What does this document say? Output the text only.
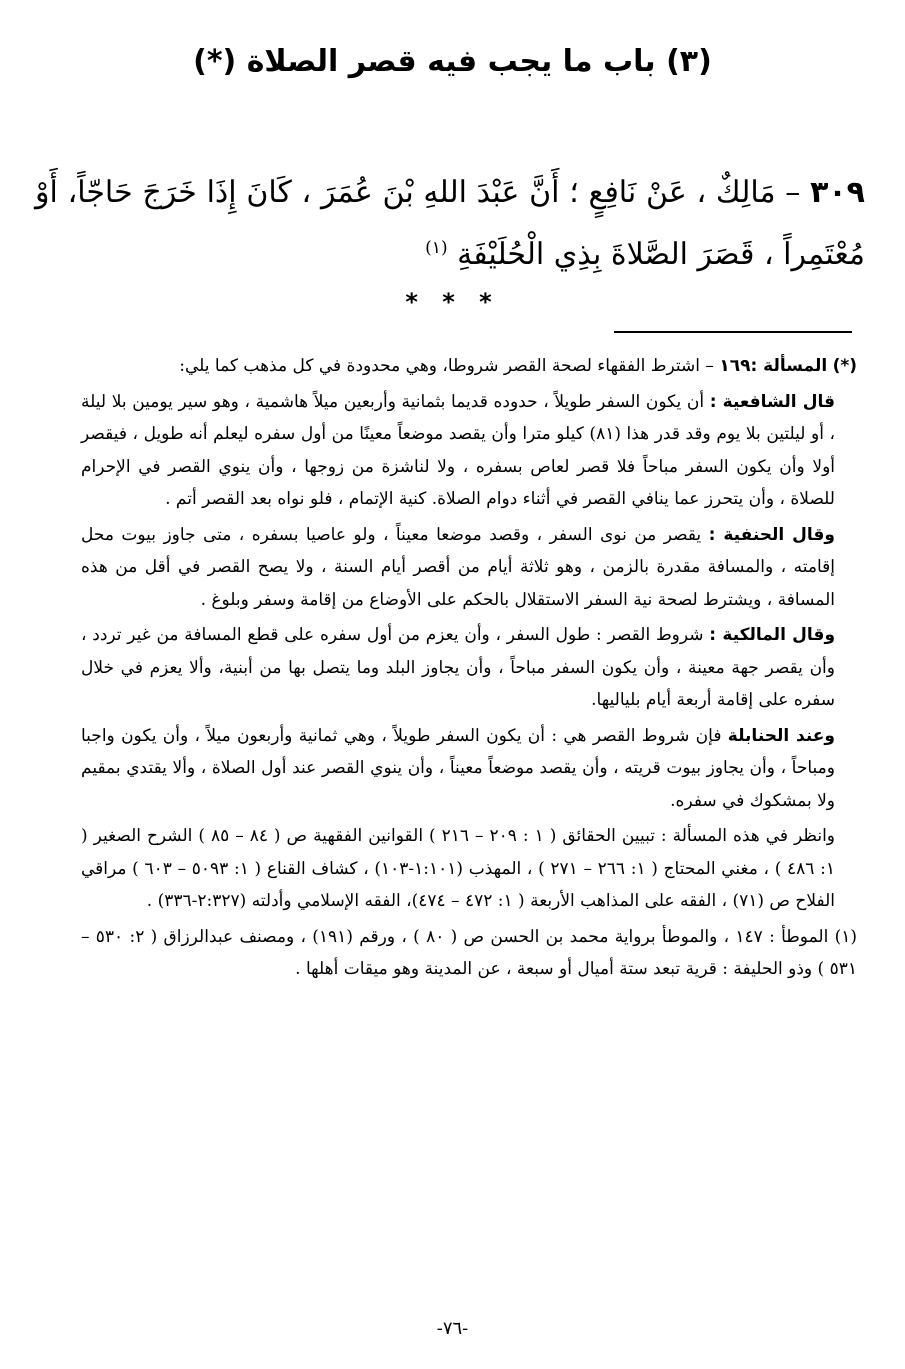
(٣) باب ما يجب فيه قصر الصلاة (*)
٣٠٩ – مَالِكٌ ، عَنْ نَافِعٍ ؛ أَنَّ عَبْدَ اللهِ بْنَ عُمَرَ ، كَانَ إِذَا خَرَجَ حَاجّاً، أَوْ مُعْتَمِراً ، قَصَرَ الصَّلاةَ بِذِي الْحُلَيْفَةِ $^{(١)}$
* * *

(*) المسألة :١٦٩ – اشترط الفقهاء لصحة القصر شروطا، وهي محدودة في كل مذهب كما يلي:

قال الشافعية : أن يكون السفر طويلاً ، حدوده قديما بثمانية وأربعين ميلاً هاشمية ، وهو سير يومين بلا ليلة ، أو ليلتين بلا يوم وقد قدر هذا (٨١) كيلو مترا وأن يقصد موضعاً معينًا من أول سفره ليعلم أنه طويل ، فيقصر أولا وأن يكون السفر مباحاً فلا قصر لعاص بسفره ، ولا لناشزة من زوجها ، وأن ينوي القصر في الإحرام للصلاة ، وأن يتحرز عما ينافي القصر في أثناء دوام الصلاة. كنية الإتمام ، فلو نواه بعد القصر أتم .

وقال الحنفية : يقصر من نوى السفر ، وقصد موضعا معيناً ، ولو عاصيا بسفره ، متى جاوز بيوت محل إقامته ، والمسافة مقدرة بالزمن ، وهو ثلاثة أيام من أقصر أيام السنة ، ولا يصح القصر في أقل من هذه المسافة ، ويشترط لصحة نية السفر الاستقلال بالحكم على الأوضاع من إقامة وسفر وبلوغ .

وقال المالكية : شروط القصر : طول السفر ، وأن يعزم من أول سفره على قطع المسافة من غير تردد ، وأن يقصر جهة معينة ، وأن يكون السفر مباحاً ، وأن يجاوز البلد وما يتصل بها من أبنية، وألا يعزم في خلال سفره على إقامة أربعة أيام بلياليها.

وعند الحنابلة فإن شروط القصر هي : أن يكون السفر طويلاً ، وهي ثمانية وأربعون ميلاً ، وأن يكون واجبا ومباحاً ، وأن يجاوز بيوت قريته ، وأن يقصد موضعاً معيناً ، وأن ينوي القصر عند أول الصلاة ، وألا يقتدي بمقيم ولا بمشكوك في سفره.

وانظر في هذه المسألة : تبيين الحقائق ( ١ : ٢٠٩ – ٢١٦ ) القوانين الفقهية ص ( ٨٤ – ٨٥ ) الشرح الصغير ( ١: ٤٨٦ ) ، مغني المحتاج ( ١: ٢٦٦ – ٢٧١ ) ، المهذب (١:١٠١-١٠٣) ، كشاف القناع ( ١: ٥٠٩٣ – ٦٠٣ ) مراقي الفلاح ص (٧١) ، الفقه على المذاهب الأربعة ( ١: ٤٧٢ – ٤٧٤)، الفقه الإسلامي وأدلته (٢:٣٢٧-٣٣٦) .

(١) الموطأ : ١٤٧ ، والموطأ برواية محمد بن الحسن ص ( ٨٠ ) ، ورقم (١٩١) ، ومصنف عبدالرزاق ( ٢: ٥٣٠ – ٥٣١ ) وذو الحليفة : قرية تبعد ستة أميال أو سبعة ، عن المدينة وهو ميقات أهلها .

-٧٦-
